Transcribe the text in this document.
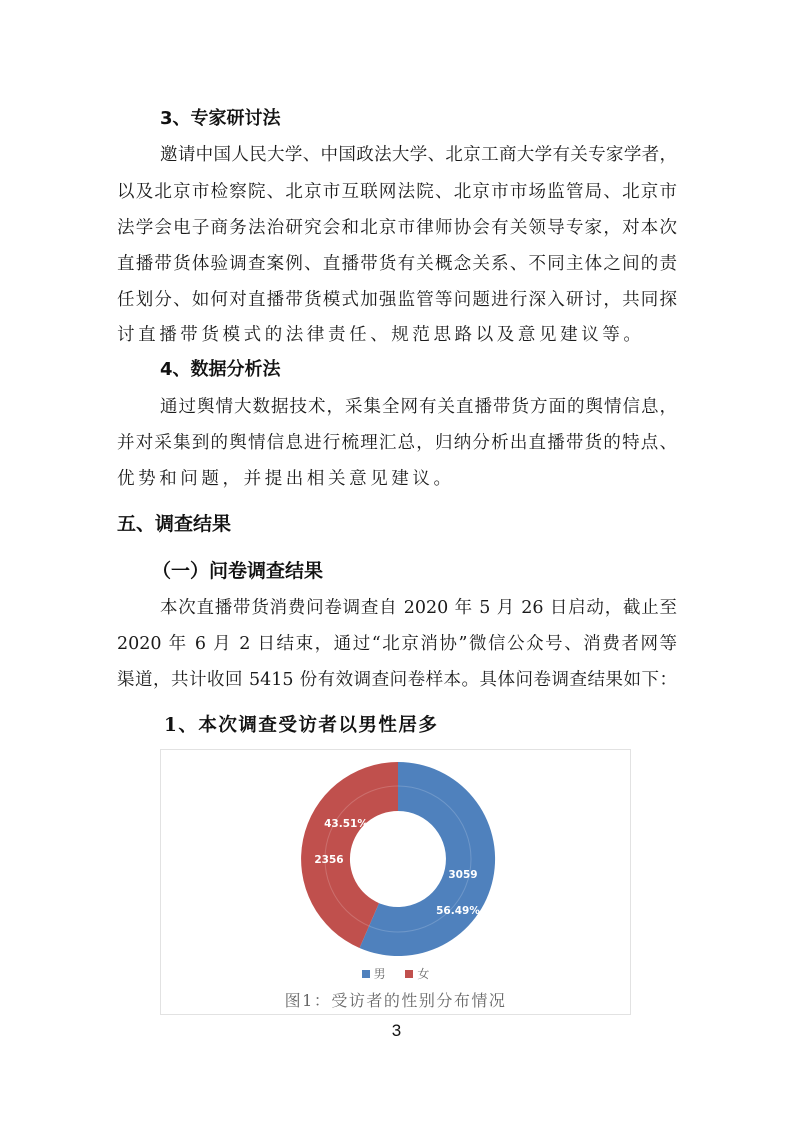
3、专家研讨法
邀请中国人民大学、中国政法大学、北京工商大学有关专家学者，
以及北京市检察院、北京市互联网法院、北京市市场监管局、北京市
法学会电子商务法治研究会和北京市律师协会有关领导专家，对本次
直播带货体验调查案例、直播带货有关概念关系、不同主体之间的责
任划分、如何对直播带货模式加强监管等问题进行深入研讨，共同探
讨直播带货模式的法律责任、规范思路以及意见建议等。
4、数据分析法
通过舆情大数据技术，采集全网有关直播带货方面的舆情信息，
并对采集到的舆情信息进行梳理汇总，归纳分析出直播带货的特点、
优势和问题，并提出相关意见建议。
五、调查结果
（一）问卷调查结果
本次直播带货消费问卷调查自 2020 年 5 月 26 日启动，截止至
2020 年 6 月 2 日结束，通过“北京消协”微信公众号、消费者网等
渠道，共计收回 5415 份有效调查问卷样本。具体问卷调查结果如下：
1、本次调查受访者以男性居多
43.51%
2356
3059
56.49%
男
	女
图1：受访者的性别分布情况
3
